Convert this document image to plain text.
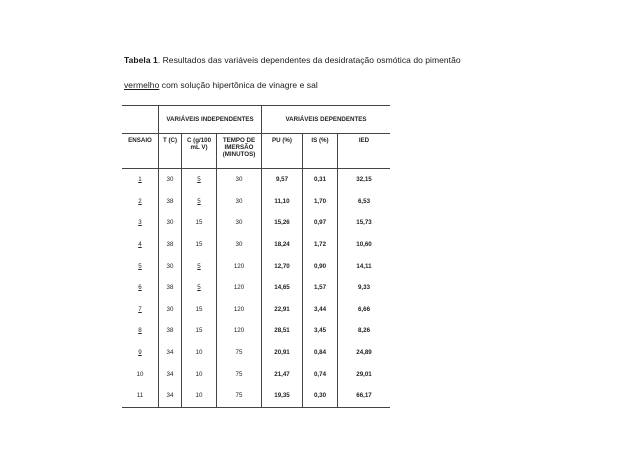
Tabela 1. Resultados das variáveis dependentes da desidratação osmótica do pimentão
vermelho com solução hipertônica de vinagre e sal
	VARIÁVEIS INDEPENDENTES			VARIÁVEIS DEPENDENTES		
ENSAIO	T (C)	C (g/100 mL V)	TEMPO DE IMERSÃO (MINUTOS)	PU (%)	IS (%)	IED
1	30	5	30	9,57	0,31	32,15
2	38	5	30	11,10	1,70	6,53
3	30	15	30	15,26	0,97	15,73
4	38	15	30	18,24	1,72	10,60
5	30	5	120	12,70	0,90	14,11
6	38	5	120	14,65	1,57	9,33
7	30	15	120	22,91	3,44	6,66
8	38	15	120	28,51	3,45	8,26
9	34	10	75	20,91	0,84	24,89
10	34	10	75	21,47	0,74	29,01
11	34	10	75	19,35	0,30	66,17
